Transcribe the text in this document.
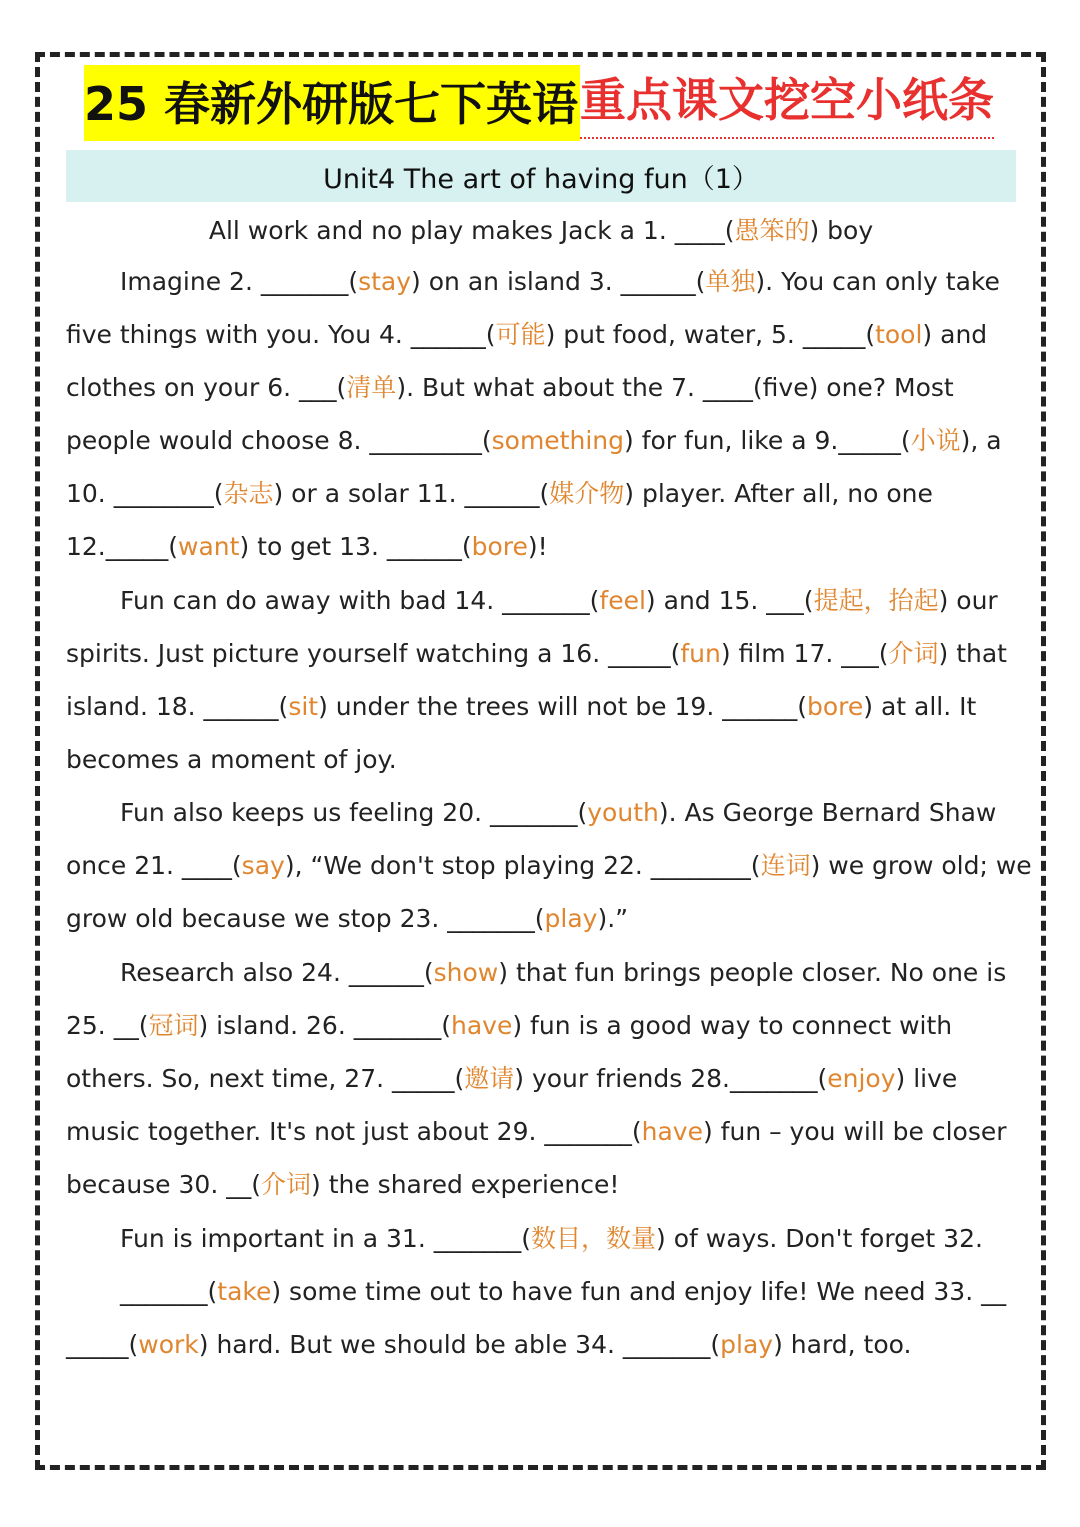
25 春新外研版七下英语 重点课文挖空小纸条
Unit4 The art of having fun（1）
All work and no play makes Jack a 1. ____(愚笨的) boy
Imagine 2. _______(stay) on an island 3. ______(单独). You can only take
five things with you. You 4. ______(可能) put food, water, 5. _____(tool) and
clothes on your 6. ___(清单). But what about the 7. ____(five) one? Most
people would choose 8. _________(something) for fun, like a 9._____(小说), a
10. ________(杂志) or a solar 11. ______(媒介物) player. After all, no one
12._____(want) to get 13. ______(bore)!
Fun can do away with bad 14. _______(feel) and 15. ___(提起，抬起) our
spirits. Just picture yourself watching a 16. _____(fun) film 17. ___(介词) that
island. 18. ______(sit) under the trees will not be 19. ______(bore) at all. It
becomes a moment of joy.
Fun also keeps us feeling 20. _______(youth). As George Bernard Shaw
once 21. ____(say), “We don't stop playing 22. ________(连词) we grow old; we
grow old because we stop 23. _______(play).”
Research also 24. ______(show) that fun brings people closer. No one is
25. __(冠词) island. 26. _______(have) fun is a good way to connect with
others. So, next time, 27. _____(邀请) your friends 28._______(enjoy) live
music together. It's not just about 29. _______(have) fun – you will be closer
because 30. __(介词) the shared experience!
Fun is important in a 31. _______(数目，数量) of ways. Don't forget 32.
_______(take) some time out to have fun and enjoy life! We need 33. __
_____(work) hard. But we should be able 34. _______(play) hard, too.
